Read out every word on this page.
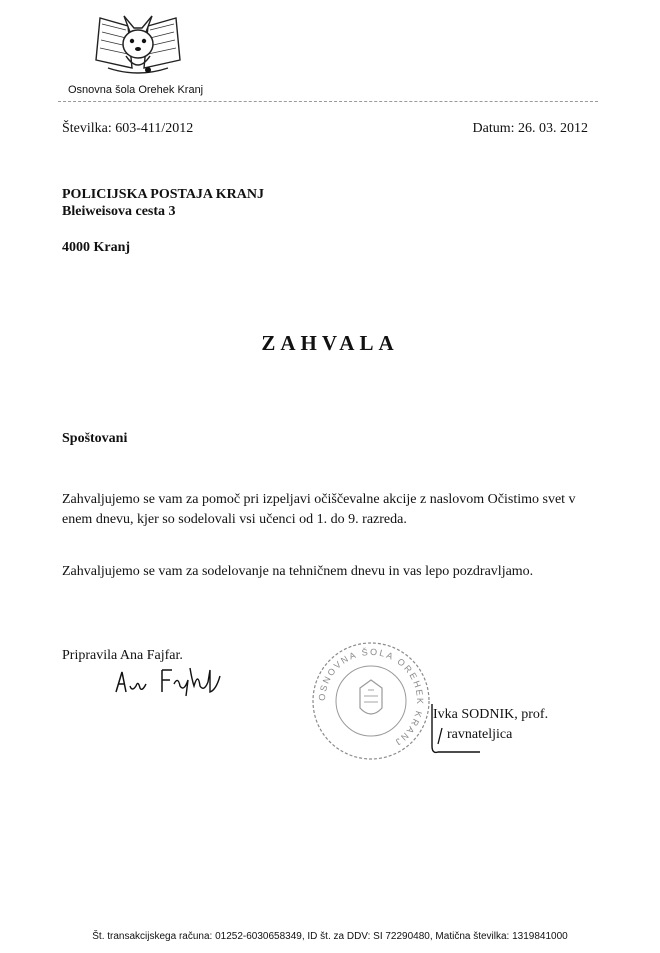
Osnovna šola Orehek Kranj
Številka: 603-411/2012	Datum: 26. 03. 2012
POLICIJSKA POSTAJA KRANJ
Bleiweisova cesta 3
4000 Kranj
ZAHVALA
Spoštovani
Zahvaljujemo se vam za pomoč pri izpeljavi očiščevalne akcije z naslovom Očistimo svet v enem dnevu, kjer so sodelovali vsi učenci od 1. do 9. razreda.
Zahvaljujemo se vam za sodelovanje na tehničnem dnevu in vas lepo pozdravljamo.
Pripravila Ana Fajfar.
OSNOVNA ŠOLA OREHEK KRANJ
Ivka SODNIK, prof.
ravnateljica
Št. transakcijskega računa: 01252-6030658349, ID št. za DDV: SI 72290480, Matična številka: 1319841000
